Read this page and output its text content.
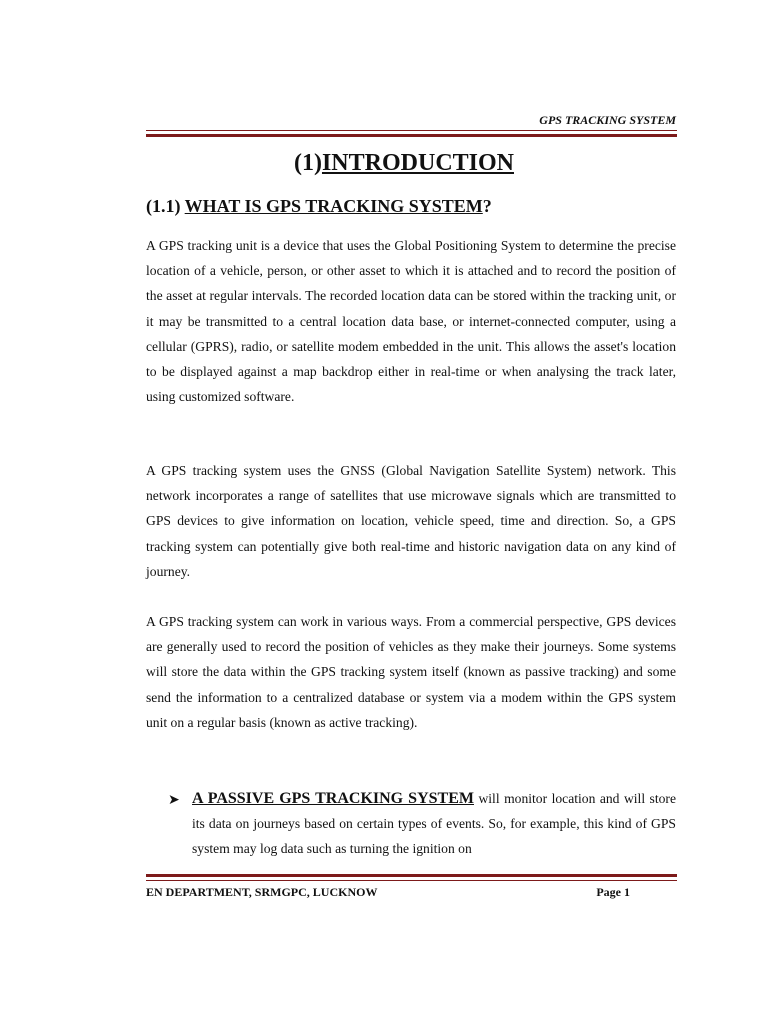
GPS TRACKING SYSTEM
(1)INTRODUCTION
(1.1) WHAT IS GPS TRACKING SYSTEM?

A GPS tracking unit is a device that uses the Global Positioning System to determine the precise location of a vehicle, person, or other asset to which it is attached and to record the position of the asset at regular intervals. The recorded location data can be stored within the tracking unit, or it may be transmitted to a central location data base, or internet-connected computer, using a cellular (GPRS), radio, or satellite modem embedded in the unit. This allows the asset's location to be displayed against a map backdrop either in real-time or when analysing the track later, using customized software.

A GPS tracking system uses the GNSS (Global Navigation Satellite System) network. This network incorporates a range of satellites that use microwave signals which are transmitted to GPS devices to give information on location, vehicle speed, time and direction. So, a GPS tracking system can potentially give both real-time and historic navigation data on any kind of journey.

A GPS tracking system can work in various ways. From a commercial perspective, GPS devices are generally used to record the position of vehicles as they make their journeys. Some systems will store the data within the GPS tracking system itself (known as passive tracking) and some send the information to a centralized database or system via a modem within the GPS system unit on a regular basis (known as active tracking).

➤ A PASSIVE GPS TRACKING SYSTEM will monitor location and will store its data on journeys based on certain types of events. So, for example, this kind of GPS system may log data such as turning the ignition on

EN DEPARTMENT, SRMGPC, LUCKNOW	Page 1
